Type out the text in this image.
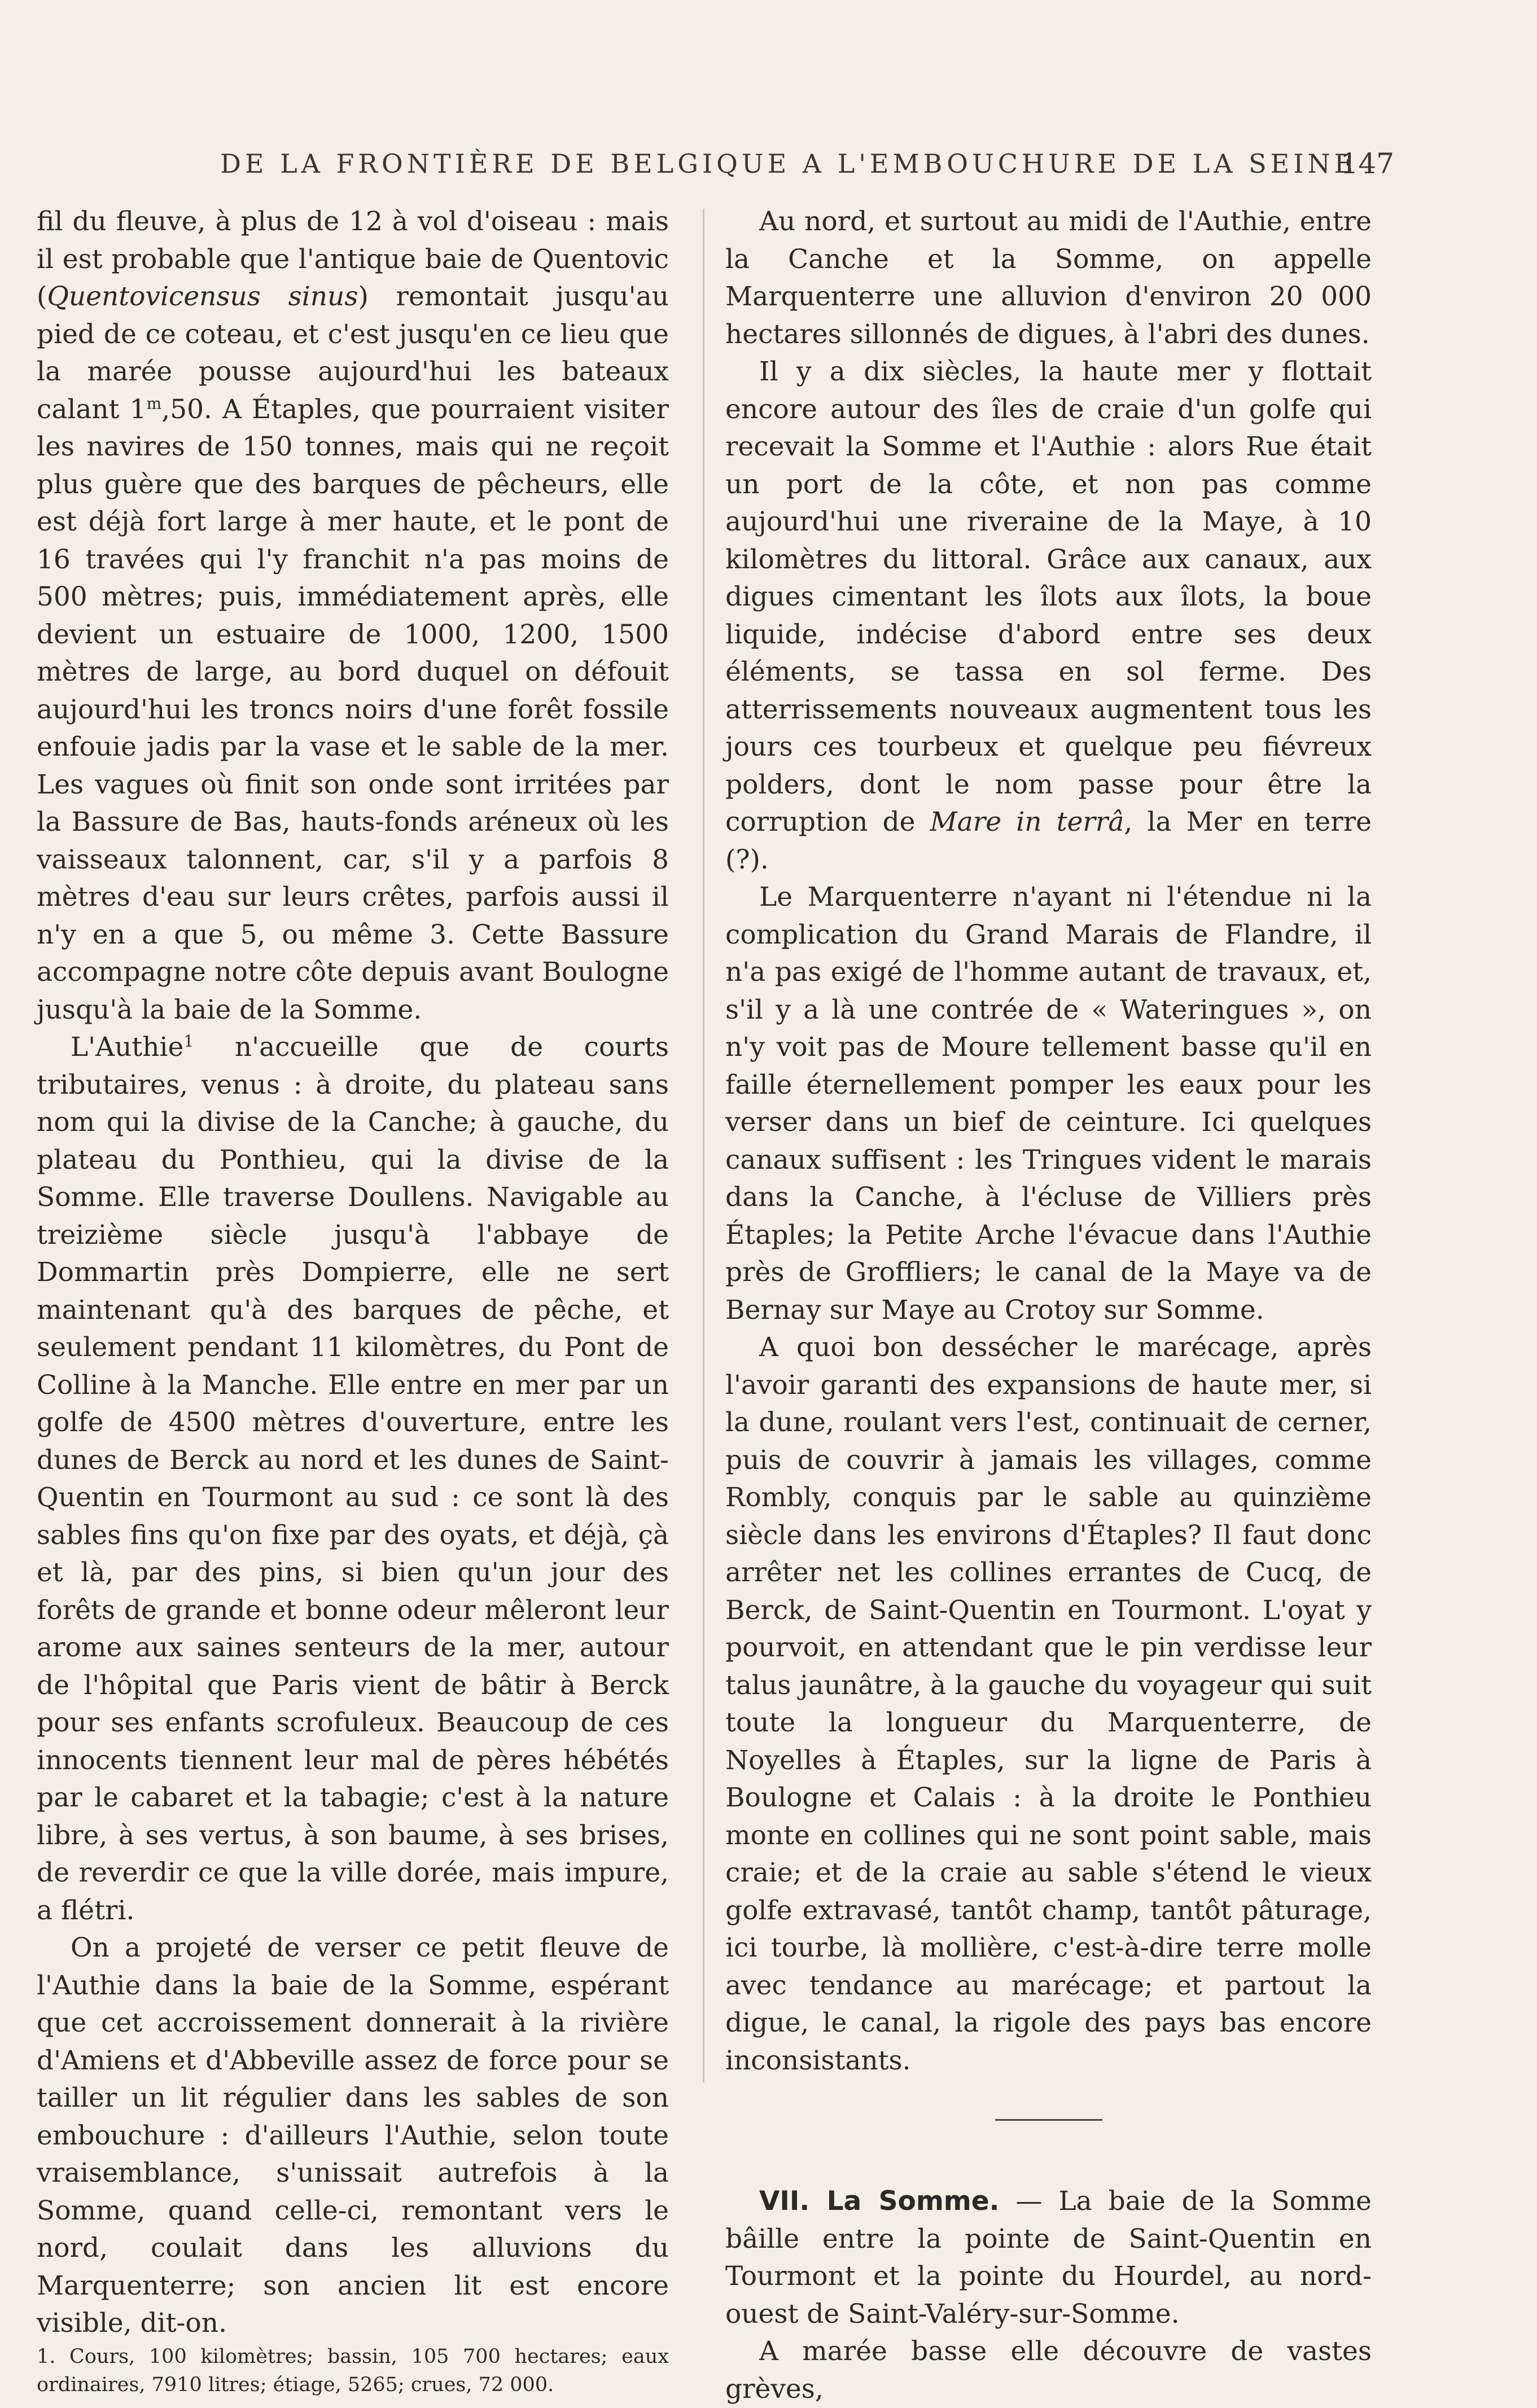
DE LA FRONTIÈRE DE BELGIQUE A L'EMBOUCHURE DE LA SEINE
147

fil du fleuve, à plus de 12 à vol d'oiseau : mais il est probable que l'antique baie de Quentovic (Quentovicensus sinus) remontait jusqu'au pied de ce coteau, et c'est jusqu'en ce lieu que la marée pousse aujourd'hui les bateaux calant 1$^m$,50. A Étaples, que pourraient visiter les navires de 150 tonnes, mais qui ne reçoit plus guère que des barques de pêcheurs, elle est déjà fort large à mer haute, et le pont de 16 travées qui l'y franchit n'a pas moins de 500 mètres; puis, immédiatement après, elle devient un estuaire de 1000, 1200, 1500 mètres de large, au bord duquel on défouit aujourd'hui les troncs noirs d'une forêt fossile enfouie jadis par la vase et le sable de la mer. Les vagues où finit son onde sont irritées par la Bassure de Bas, hauts-fonds aréneux où les vaisseaux talonnent, car, s'il y a parfois 8 mètres d'eau sur leurs crêtes, parfois aussi il n'y en a que 5, ou même 3. Cette Bassure accompagne notre côte depuis avant Boulogne jusqu'à la baie de la Somme.

L'Authie$^1$ n'accueille que de courts tributaires, venus : à droite, du plateau sans nom qui la divise de la Canche; à gauche, du plateau du Ponthieu, qui la divise de la Somme. Elle traverse Doullens. Navigable au treizième siècle jusqu'à l'abbaye de Dommartin près Dompierre, elle ne sert maintenant qu'à des barques de pêche, et seulement pendant 11 kilomètres, du Pont de Colline à la Manche. Elle entre en mer par un golfe de 4500 mètres d'ouverture, entre les dunes de Berck au nord et les dunes de Saint-Quentin en Tourmont au sud : ce sont là des sables fins qu'on fixe par des oyats, et déjà, çà et là, par des pins, si bien qu'un jour des forêts de grande et bonne odeur mêleront leur arome aux saines senteurs de la mer, autour de l'hôpital que Paris vient de bâtir à Berck pour ses enfants scrofuleux. Beaucoup de ces innocents tiennent leur mal de pères hébétés par le cabaret et la tabagie; c'est à la nature libre, à ses vertus, à son baume, à ses brises, de reverdir ce que la ville dorée, mais impure, a flétri.

On a projeté de verser ce petit fleuve de l'Authie dans la baie de la Somme, espérant que cet accroissement donnerait à la rivière d'Amiens et d'Abbeville assez de force pour se tailler un lit régulier dans les sables de son embouchure : d'ailleurs l'Authie, selon toute vraisemblance, s'unissait autrefois à la Somme, quand celle-ci, remontant vers le nord, coulait dans les alluvions du Marquenterre; son ancien lit est encore visible, dit-on.

1. Cours, 100 kilomètres; bassin, 105 700 hectares; eaux ordinaires, 7910 litres; étiage, 5265; crues, 72 000.

Au nord, et surtout au midi de l'Authie, entre la Canche et la Somme, on appelle Marquenterre une alluvion d'environ 20 000 hectares sillonnés de digues, à l'abri des dunes.

Il y a dix siècles, la haute mer y flottait encore autour des îles de craie d'un golfe qui recevait la Somme et l'Authie : alors Rue était un port de la côte, et non pas comme aujourd'hui une riveraine de la Maye, à 10 kilomètres du littoral. Grâce aux canaux, aux digues cimentant les îlots aux îlots, la boue liquide, indécise d'abord entre ses deux éléments, se tassa en sol ferme. Des atterrissements nouveaux augmentent tous les jours ces tourbeux et quelque peu fiévreux polders, dont le nom passe pour être la corruption de Mare in terrâ, la Mer en terre (?).

Le Marquenterre n'ayant ni l'étendue ni la complication du Grand Marais de Flandre, il n'a pas exigé de l'homme autant de travaux, et, s'il y a là une contrée de « Wateringues », on n'y voit pas de Moure tellement basse qu'il en faille éternellement pomper les eaux pour les verser dans un bief de ceinture. Ici quelques canaux suffisent : les Tringues vident le marais dans la Canche, à l'écluse de Villiers près Étaples; la Petite Arche l'évacue dans l'Authie près de Groffliers; le canal de la Maye va de Bernay sur Maye au Crotoy sur Somme.

A quoi bon dessécher le marécage, après l'avoir garanti des expansions de haute mer, si la dune, roulant vers l'est, continuait de cerner, puis de couvrir à jamais les villages, comme Rombly, conquis par le sable au quinzième siècle dans les environs d'Étaples? Il faut donc arrêter net les collines errantes de Cucq, de Berck, de Saint-Quentin en Tourmont. L'oyat y pourvoit, en attendant que le pin verdisse leur talus jaunâtre, à la gauche du voyageur qui suit toute la longueur du Marquenterre, de Noyelles à Étaples, sur la ligne de Paris à Boulogne et Calais : à la droite le Ponthieu monte en collines qui ne sont point sable, mais craie; et de la craie au sable s'étend le vieux golfe extravasé, tantôt champ, tantôt pâturage, ici tourbe, là mollière, c'est-à-dire terre molle avec tendance au marécage; et partout la digue, le canal, la rigole des pays bas encore inconsistants.

VII. La Somme. — La baie de la Somme bâille entre la pointe de Saint-Quentin en Tourmont et la pointe du Hourdel, au nord-ouest de Saint-Valéry-sur-Somme.

A marée basse elle découvre de vastes grèves,
